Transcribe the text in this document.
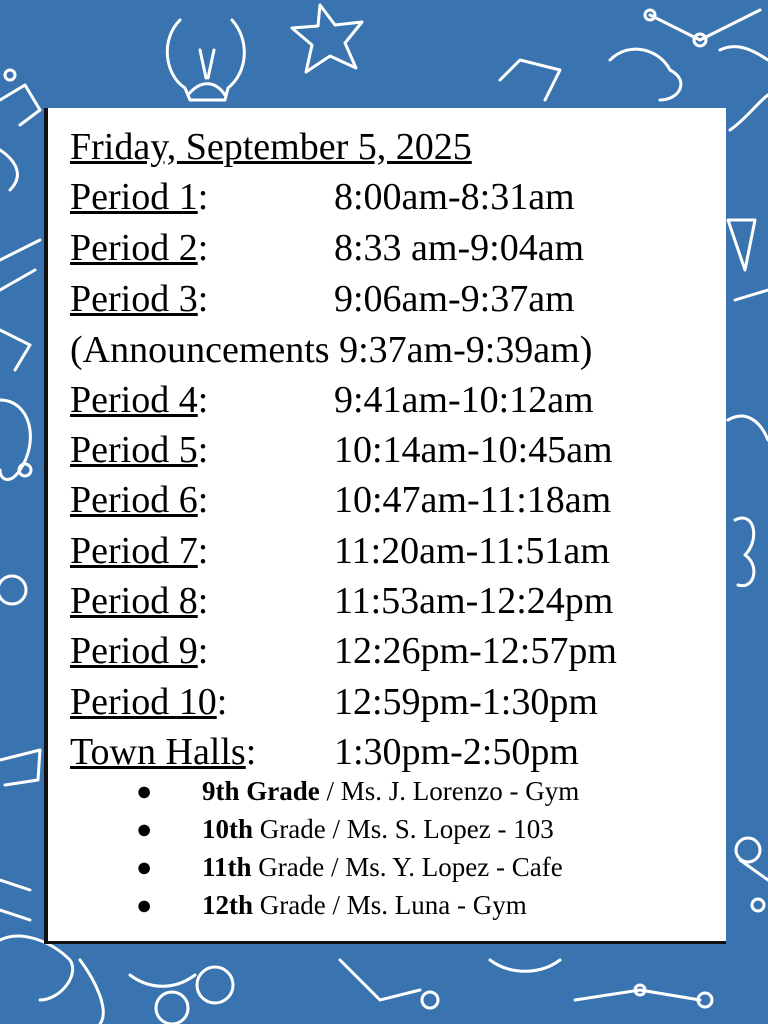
Friday, September 5, 2025
Period 1:	8:00am-8:31am
Period 2:	8:33 am-9:04am
Period 3:	9:06am-9:37am
(Announcements 9:37am-9:39am)
Period 4:	9:41am-10:12am
Period 5:	10:14am-10:45am
Period 6:	10:47am-11:18am
Period 7:	11:20am-11:51am
Period 8:	11:53am-12:24pm
Period 9:	12:26pm-12:57pm
Period 10:	12:59pm-1:30pm
Town Halls: 1:30pm-2:50pm
● 9th Grade / Ms. J. Lorenzo - Gym
● 10th Grade / Ms. S. Lopez - 103
● 11th Grade / Ms. Y. Lopez - Cafe
● 12th Grade / Ms. Luna - Gym
